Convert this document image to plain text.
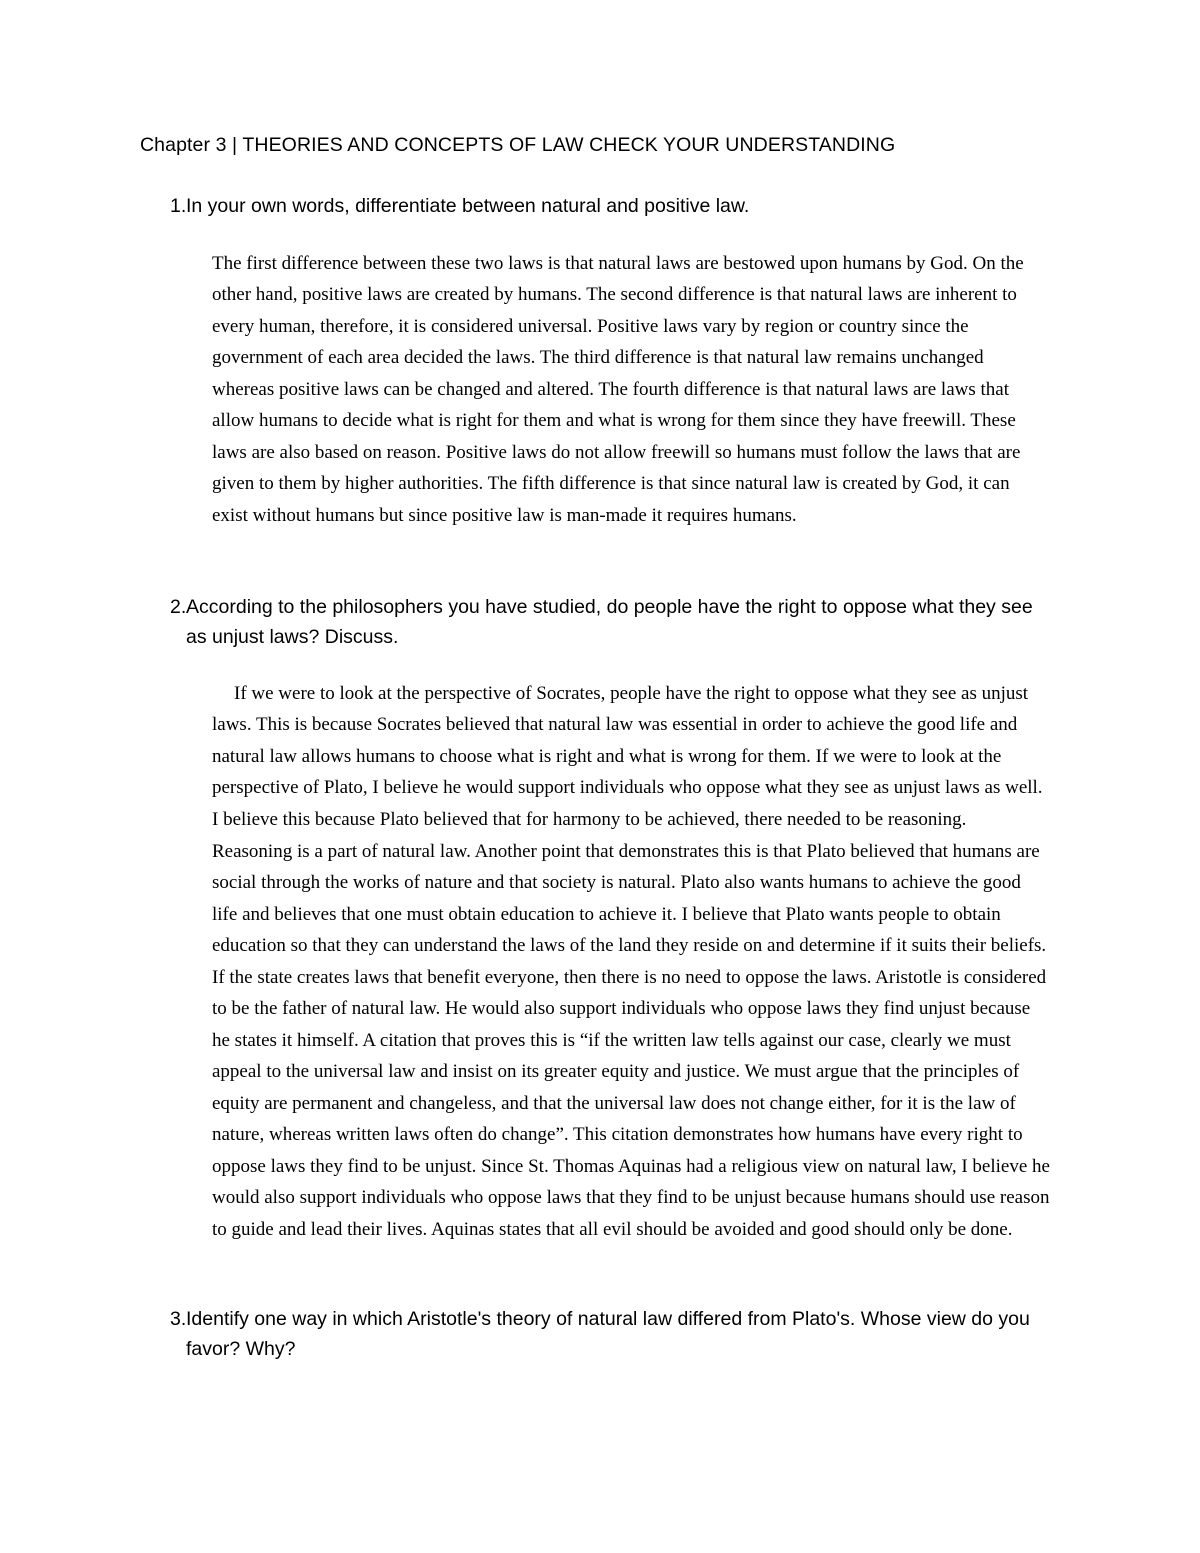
Chapter 3 | THEORIES AND CONCEPTS OF LAW CHECK YOUR UNDERSTANDING
1. In your own words, differentiate between natural and positive law.
The first difference between these two laws is that natural laws are bestowed upon humans by God. On the other hand, positive laws are created by humans. The second difference is that natural laws are inherent to every human, therefore, it is considered universal. Positive laws vary by region or country since the government of each area decided the laws. The third difference is that natural law remains unchanged whereas positive laws can be changed and altered. The fourth difference is that natural laws are laws that allow humans to decide what is right for them and what is wrong for them since they have freewill. These laws are also based on reason. Positive laws do not allow freewill so humans must follow the laws that are given to them by higher authorities. The fifth difference is that since natural law is created by God, it can exist without humans but since positive law is man-made it requires humans.
2. According to the philosophers you have studied, do people have the right to oppose what they see as unjust laws? Discuss.
If we were to look at the perspective of Socrates, people have the right to oppose what they see as unjust laws. This is because Socrates believed that natural law was essential in order to achieve the good life and natural law allows humans to choose what is right and what is wrong for them. If we were to look at the perspective of Plato, I believe he would support individuals who oppose what they see as unjust laws as well. I believe this because Plato believed that for harmony to be achieved, there needed to be reasoning. Reasoning is a part of natural law. Another point that demonstrates this is that Plato believed that humans are social through the works of nature and that society is natural. Plato also wants humans to achieve the good life and believes that one must obtain education to achieve it. I believe that Plato wants people to obtain education so that they can understand the laws of the land they reside on and determine if it suits their beliefs. If the state creates laws that benefit everyone, then there is no need to oppose the laws. Aristotle is considered to be the father of natural law. He would also support individuals who oppose laws they find unjust because he states it himself. A citation that proves this is “if the written law tells against our case, clearly we must appeal to the universal law and insist on its greater equity and justice. We must argue that the principles of equity are permanent and changeless, and that the universal law does not change either, for it is the law of nature, whereas written laws often do change”. This citation demonstrates how humans have every right to oppose laws they find to be unjust. Since St. Thomas Aquinas had a religious view on natural law, I believe he would also support individuals who oppose laws that they find to be unjust because humans should use reason to guide and lead their lives. Aquinas states that all evil should be avoided and good should only be done.
3. Identify one way in which Aristotle's theory of natural law differed from Plato's. Whose view do you favor? Why?
